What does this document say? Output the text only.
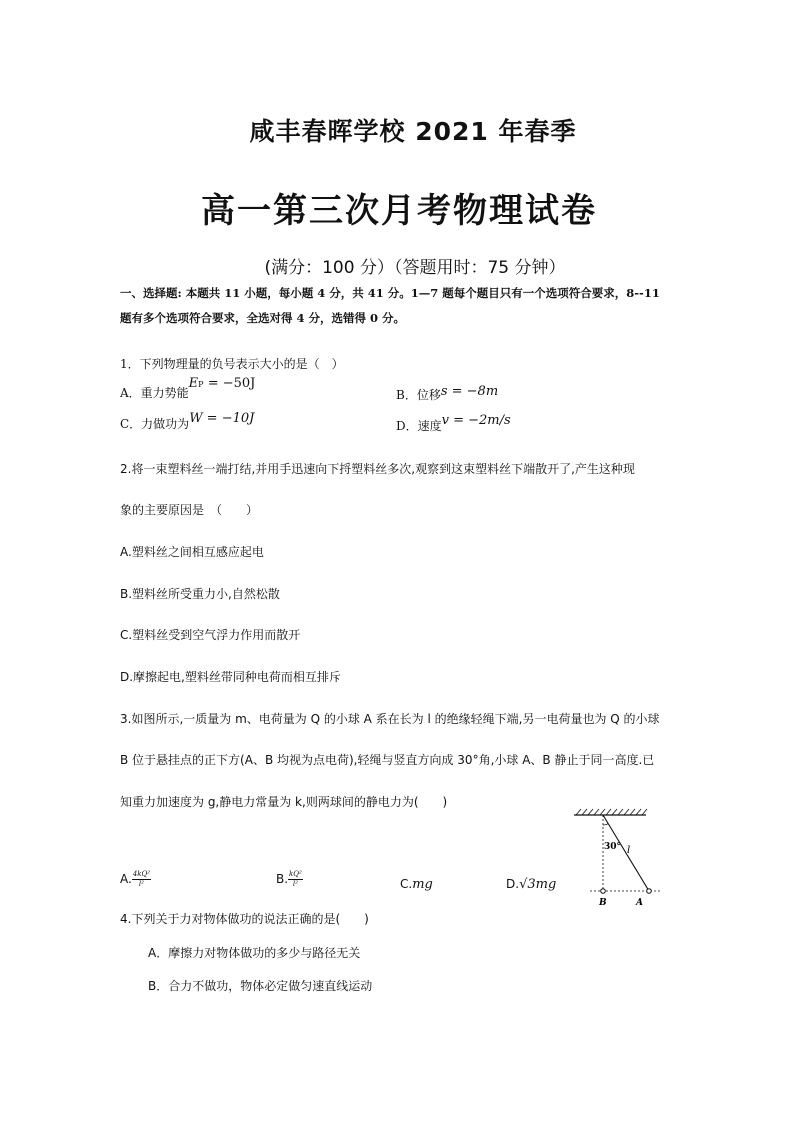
咸丰春晖学校 2021 年春季
高一第三次月考物理试卷
(满分：100 分）（答题用时：75 分钟）
一、选择题: 本题共 11 小题，每小题 4 分，共 41 分。1—7 题每个题目只有一个选项符合要求，8--11
题有多个选项符合要求，全选对得 4 分，选错得 0 分。
1．下列物理量的负号表示大小的是（　）
A．重力势能EP = −50J
B．位移s = −8m
C．力做功为W = −10J	D．速度v = −2m/s
2.将一束塑料丝一端打结,并用手迅速向下捋塑料丝多次,观察到这束塑料丝下端散开了,产生这种现
象的主要原因是　（　　）
A.塑料丝之间相互感应起电
B.塑料丝所受重力小,自然松散
C.塑料丝受到空气浮力作用而散开
D.摩擦起电,塑料丝带同种电荷而相互排斥
3.如图所示,一质量为 m、电荷量为 Q 的小球 A 系在长为 l 的绝缘轻绳下端,另一电荷量也为 Q 的小球
B 位于悬挂点的正下方(A、B 均视为点电荷),轻绳与竖直方向成 30°角,小球 A、B 静止于同一高度.已
知重力加速度为 g,静电力常量为 k,则两球间的静电力为(　　)
A. $\frac{\text{4kQ²}}{\text{l²}}$	B. $\frac{\text{kQ²}}{\text{l²}}$	C.mg	D.√3mg
30° l
B	A
4.下列关于力对物体做功的说法正确的是(　　)
A．摩擦力对物体做功的多少与路径无关
B．合力不做功，物体必定做匀速直线运动
